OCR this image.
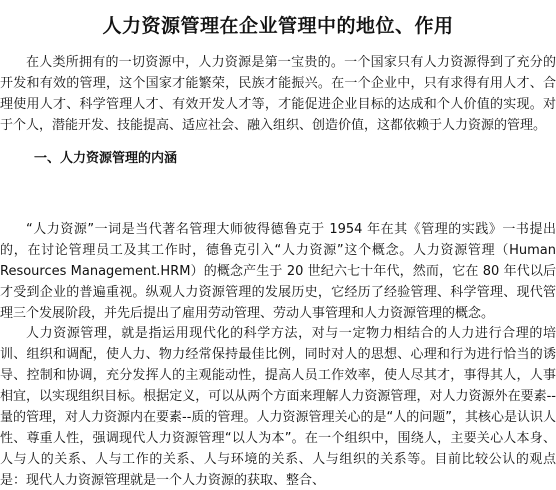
人力资源管理在企业管理中的地位、作用

在人类所拥有的一切资源中，人力资源是第一宝贵的。一个国家只有人力资源得到了充分的开发和有效的管理，这个国家才能繁荣，民族才能振兴。在一个企业中，只有求得有用人才、合理使用人才、科学管理人才、有效开发人才等，才能促进企业目标的达成和个人价值的实现。对于个人，潜能开发、技能提高、适应社会、融入组织、创造价值，这都依赖于人力资源的管理。

一、人力资源管理的内涵

“人力资源”一词是当代著名管理大师彼得德鲁克于 1954 年在其《管理的实践》一书提出的，在讨论管理员工及其工作时，德鲁克引入“人力资源”这个概念。人力资源管理（Human Resources Management.HRM）的概念产生于 20 世纪六七十年代，然而，它在 80 年代以后才受到企业的普遍重视。纵观人力资源管理的发展历史，它经历了经验管理、科学管理、现代管理三个发展阶段，并先后提出了雇用劳动管理、劳动人事管理和人力资源管理的概念。

人力资源管理，就是指运用现代化的科学方法，对与一定物力相结合的人力进行合理的培训、组织和调配，使人力、物力经常保持最佳比例，同时对人的思想、心理和行为进行恰当的诱导、控制和协调，充分发挥人的主观能动性，提高人员工作效率，使人尽其才，事得其人，人事相宜，以实现组织目标。根据定义，可以从两个方面来理解人力资源管理，对人力资源外在要素--量的管理，对人力资源内在要素--质的管理。人力资源管理关心的是“人的问题”，其核心是认识人性、尊重人性，强调现代人力资源管理“以人为本”。在一个组织中，围绕人，主要关心人本身、人与人的关系、人与工作的关系、人与环境的关系、人与组织的关系等。目前比较公认的观点是：现代人力资源管理就是一个人力资源的获取、整合、
